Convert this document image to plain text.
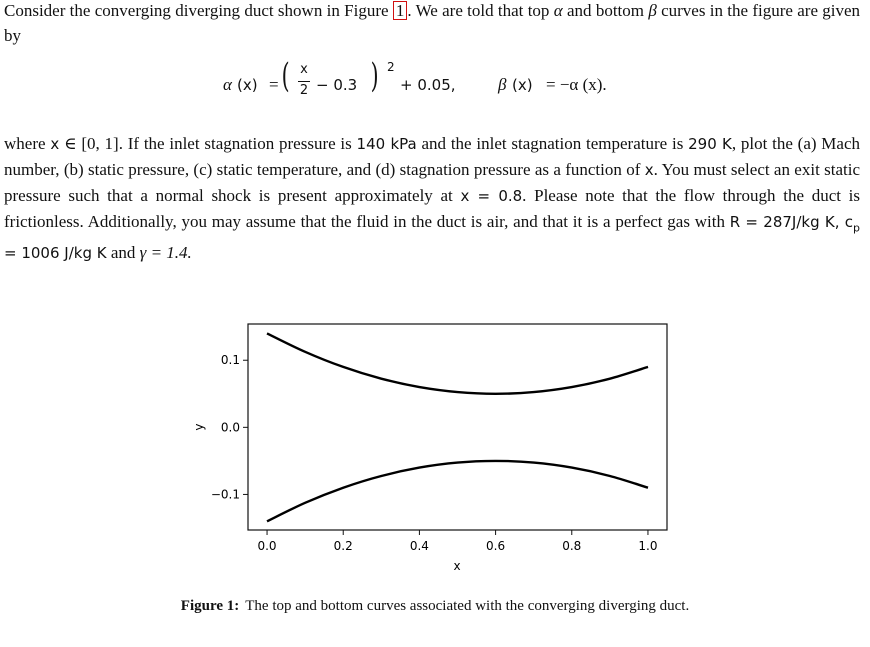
Consider the converging diverging duct shown in Figure 1 . We are told that top α and bottom β curves in the figure are given by
α (x) = ( x
2 − 0.3 ) 2
+ 0.05, β (x) = −α (x).
where x ∈ [0, 1]. If the inlet stagnation pressure is 140 kPa and the inlet stagnation temperature is 290 K, plot the (a) Mach number, (b) static pressure, (c) static temperature, and (d) stagnation pressure as a function of x. You must select an exit static pressure such that a normal shock is present approximately at x = 0.8. Please note that the flow through the duct is frictionless. Additionally, you may assume that the fluid in the duct is air, and that it is a perfect gas with R = 287J/kg K, $c_p = 1006$ J/kg K and γ = 1.4.
0.0	0.2	0.4	0.6	0.8	1.0
0.1
0.0
−0.1
x
y
Figure 1: The top and bottom curves associated with the converging diverging duct.
